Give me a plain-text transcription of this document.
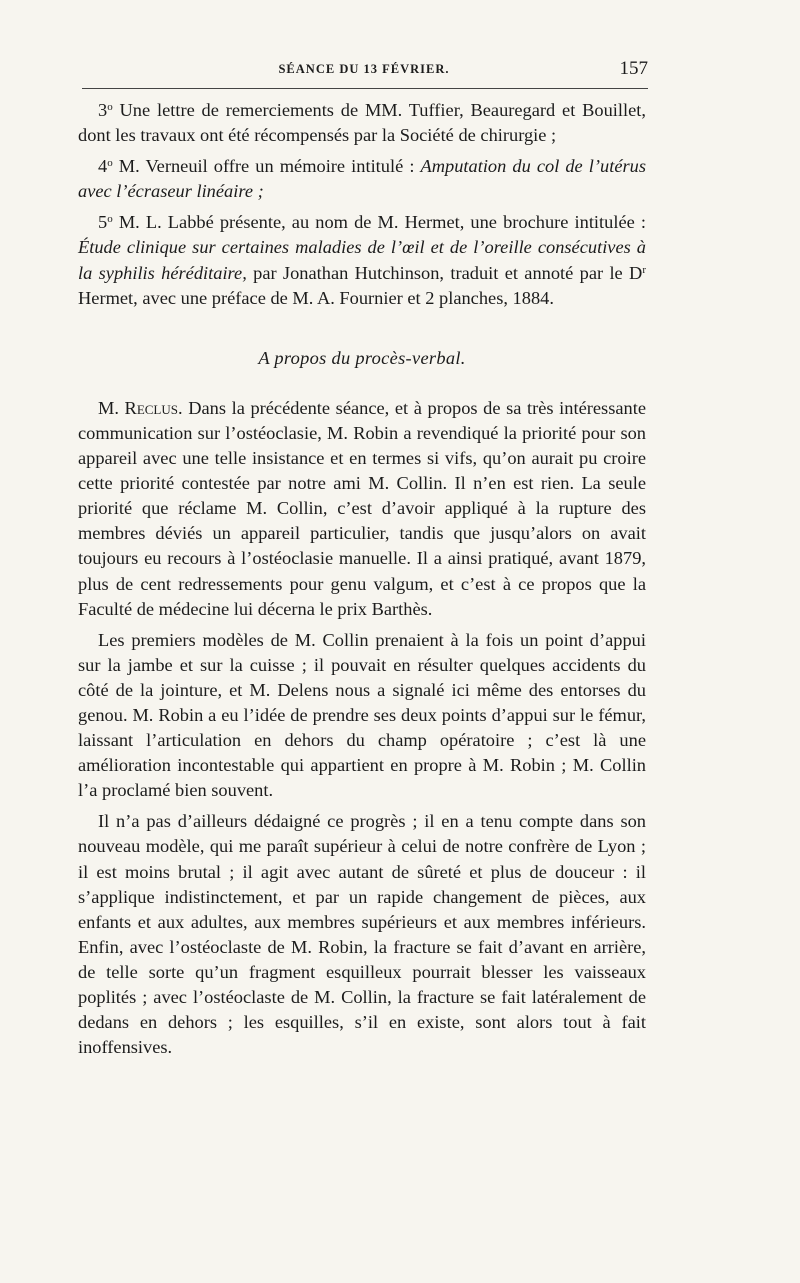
SÉANCE DU 13 FÉVRIER.	157

3$^o$ Une lettre de remerciements de MM. Tuffier, Beauregard et Bouillet, dont les travaux ont été récompensés par la Société de chirurgie ;

4$^o$ M. Verneuil offre un mémoire intitulé : Amputation du col de l’utérus avec l’écraseur linéaire ;

5$^o$ M. L. Labbé présente, au nom de M. Hermet, une brochure intitulée : Étude clinique sur certaines maladies de l’œil et de l’oreille consécutives à la syphilis héréditaire, par Jonathan Hutchinson, traduit et annoté par le $D^r$ Hermet, avec une préface de M. A. Fournier et 2 planches, 1884.

A propos du procès-verbal.

M. Reclus. Dans la précédente séance, et à propos de sa très intéressante communication sur l’ostéoclasie, M. Robin a revendiqué la priorité pour son appareil avec une telle insistance et en termes si vifs, qu’on aurait pu croire cette priorité contestée par notre ami M. Collin. Il n’en est rien. La seule priorité que réclame M. Collin, c’est d’avoir appliqué à la rupture des membres déviés un appareil particulier, tandis que jusqu’alors on avait toujours eu recours à l’ostéoclasie manuelle. Il a ainsi pratiqué, avant 1879, plus de cent redressements pour genu valgum, et c’est à ce propos que la Faculté de médecine lui décerna le prix Barthès.

Les premiers modèles de M. Collin prenaient à la fois un point d’appui sur la jambe et sur la cuisse ; il pouvait en résulter quelques accidents du côté de la jointure, et M. Delens nous a signalé ici même des entorses du genou. M. Robin a eu l’idée de prendre ses deux points d’appui sur le fémur, laissant l’articulation en dehors du champ opératoire ; c’est là une amélioration incontestable qui appartient en propre à M. Robin ; M. Collin l’a proclamé bien souvent.

Il n’a pas d’ailleurs dédaigné ce progrès ; il en a tenu compte dans son nouveau modèle, qui me paraît supérieur à celui de notre confrère de Lyon ; il est moins brutal ; il agit avec autant de sûreté et plus de douceur : il s’applique indistinctement, et par un rapide changement de pièces, aux enfants et aux adultes, aux membres supérieurs et aux membres inférieurs. Enfin, avec l’ostéoclaste de M. Robin, la fracture se fait d’avant en arrière, de telle sorte qu’un fragment esquilleux pourrait blesser les vaisseaux poplités ; avec l’ostéoclaste de M. Collin, la fracture se fait latéralement de dedans en dehors ; les esquilles, s’il en existe, sont alors tout à fait inoffensives.
